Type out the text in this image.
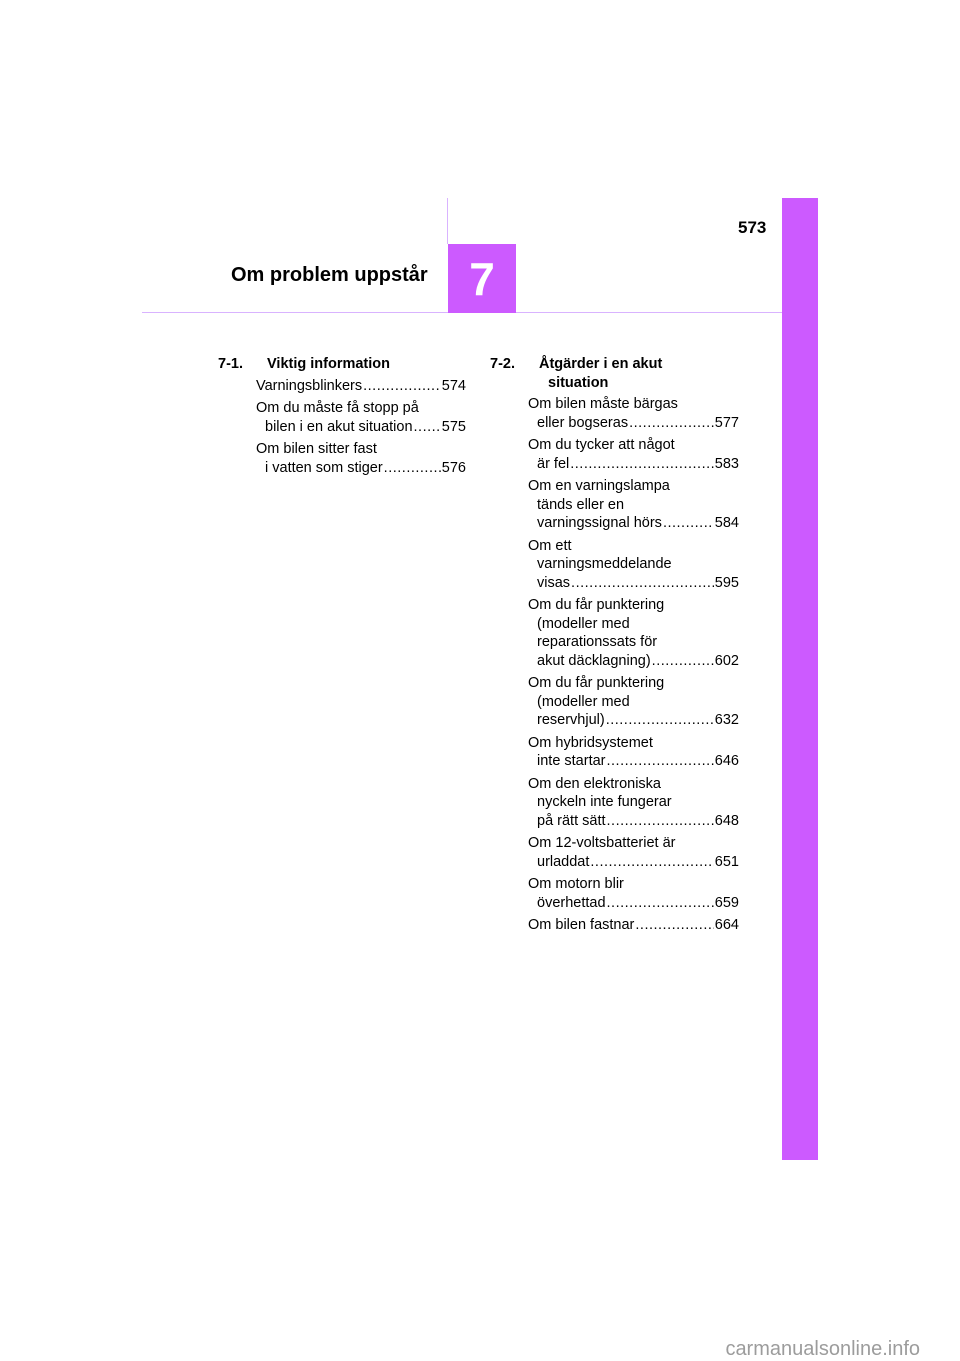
7
573
Om problem uppstår
7-1. Viktig information
Varningsblinkers .....	574
Om du måste få stopp på
bilen i en akut situation ..... 575
Om bilen sitter fast
i vatten som stiger .....	576
7-2. Åtgärder i en akut
situation
Om bilen måste bärgas
eller bogseras .....	577
Om du tycker att något
är fel .....	583
Om en varningslampa
tänds eller en
varningssignal hörs .....	584
Om ett
varningsmeddelande
visas .....	595
Om du får punktering
(modeller med
reparationssats för
akut däcklagning) .....	602
Om du får punktering
(modeller med
reservhjul) .....	632
Om hybridsystemet
inte startar .....	646
Om den elektroniska
nyckeln inte fungerar
på rätt sätt .....	648
Om 12-voltsbatteriet är
urladdat .....	651
Om motorn blir
överhettad .....	659
Om bilen fastnar .....	664
carmanualsonline.info
